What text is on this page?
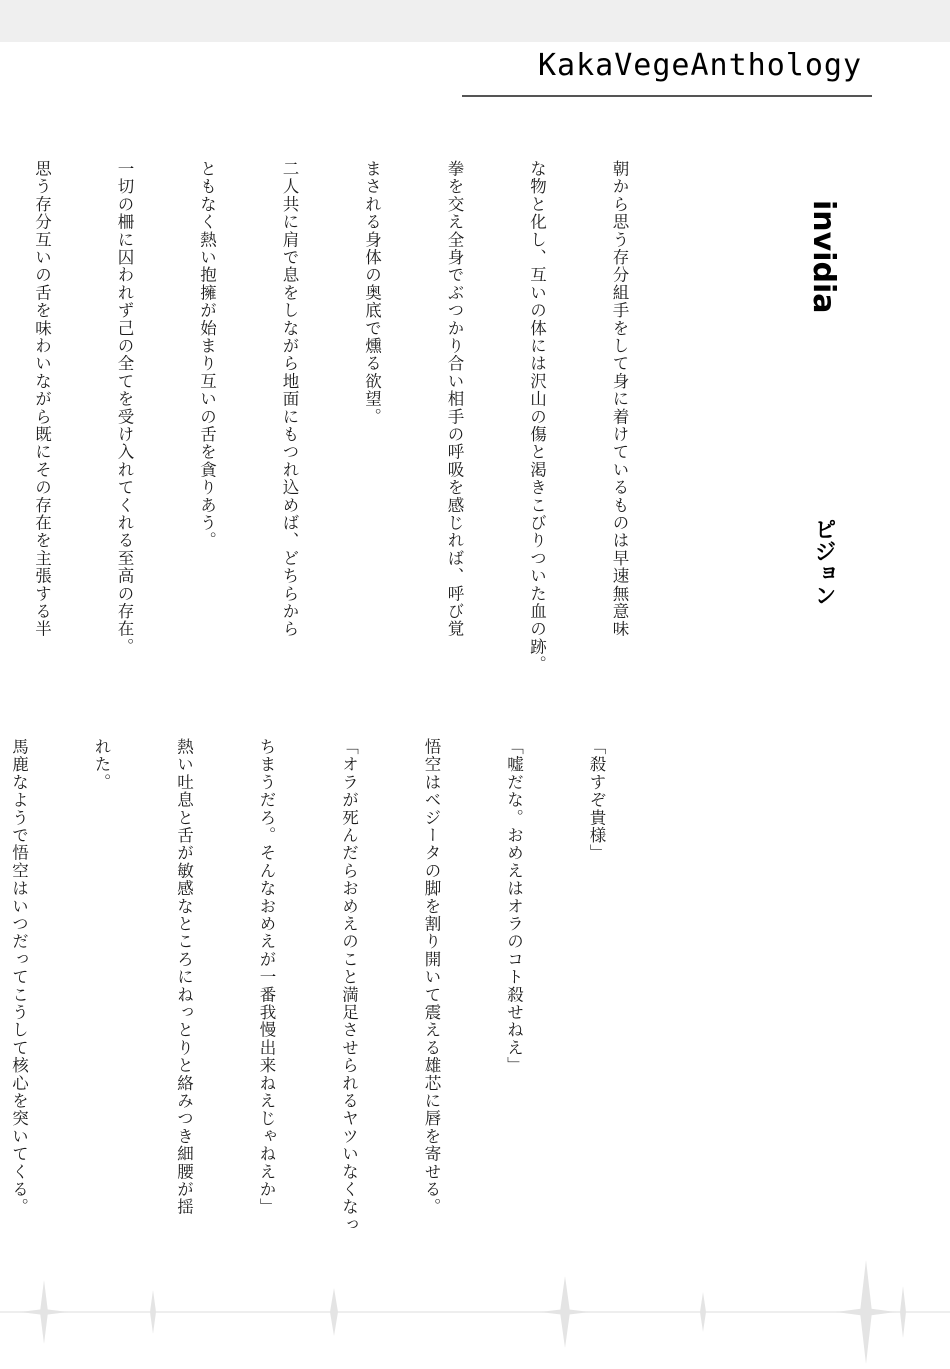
KakaVegeAnthology
invidia
ピジョン

朝から思う存分組手をして身に着けているものは早速無意味

な物と化し、互いの体には沢山の傷と渇きこびりついた血の跡。

拳を交え全身でぶつかり合い相手の呼吸を感じれば、呼び覚

まされる身体の奥底で燻る欲望。

二人共に肩で息をしながら地面にもつれ込めば、どちらから

ともなく熱い抱擁が始まり互いの舌を貪りあう。

一切の柵に囚われず己の全てを受け入れてくれる至高の存在。

思う存分互いの舌を味わいながら既にその存在を主張する半

「殺すぞ貴様」

「嘘だな。おめえはオラのコト殺せねえ」

悟空はベジータの脚を割り開いて震える雄芯に唇を寄せる。

「オラが死んだらおめえのこと満足させられるヤツいなくなっ

ちまうだろ。そんなおめえが一番我慢出来ねえじゃねえか」

熱い吐息と舌が敏感なところにねっとりと絡みつき細腰が揺

れた。

馬鹿なようで悟空はいつだってこうして核心を突いてくる。
